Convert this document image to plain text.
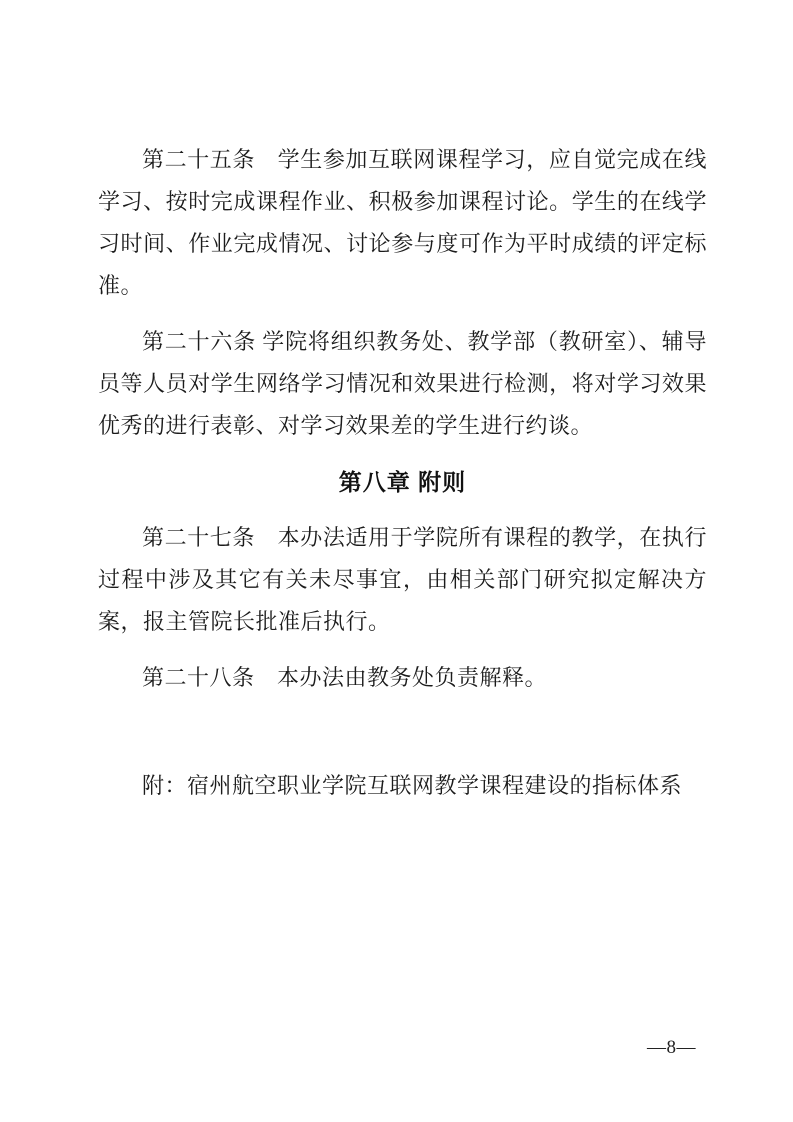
第二十五条　学生参加互联网课程学习，应自觉完成在线学习、按时完成课程作业、积极参加课程讨论。学生的在线学习时间、作业完成情况、讨论参与度可作为平时成绩的评定标准。

第二十六条 学院将组织教务处、教学部（教研室）、辅导员等人员对学生网络学习情况和效果进行检测，将对学习效果优秀的进行表彰、对学习效果差的学生进行约谈。

第八章 附则

第二十七条　本办法适用于学院所有课程的教学，在执行过程中涉及其它有关未尽事宜，由相关部门研究拟定解决方案，报主管院长批准后执行。

第二十八条　本办法由教务处负责解释。

附：宿州航空职业学院互联网教学课程建设的指标体系

—8—
